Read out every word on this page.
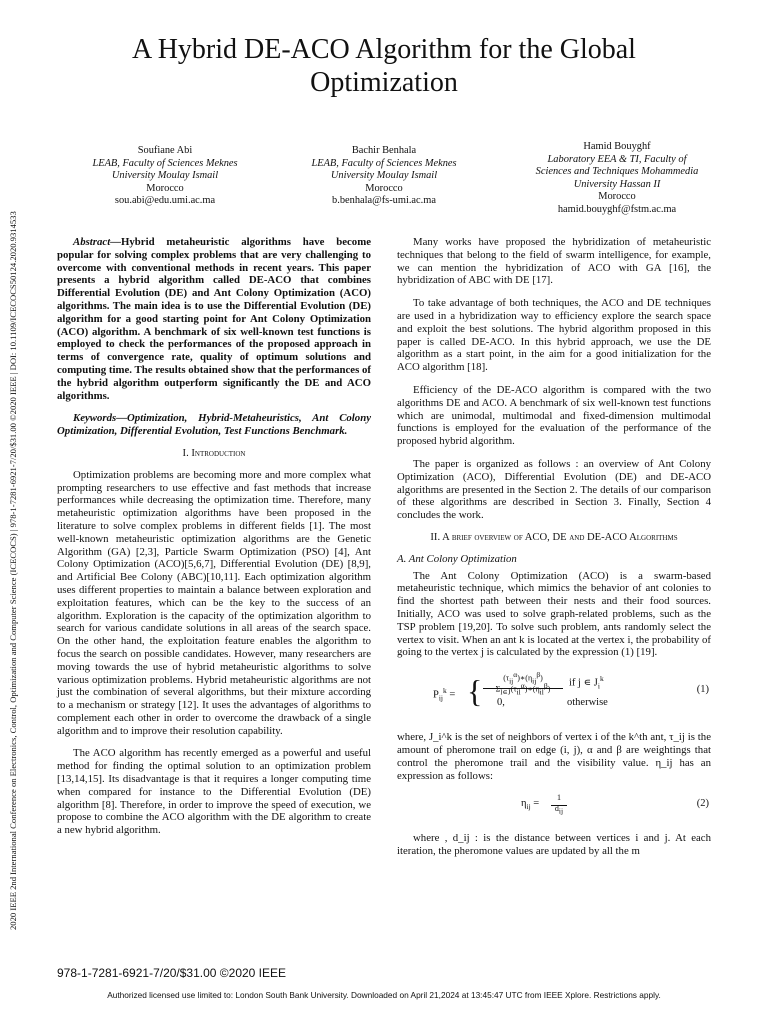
2020 IEEE 2nd International Conference on Electronics, Control, Optimization and Computer Science (ICECOCS) | 978-1-7281-6921-7/20/$31.00 ©2020 IEEE | DOI: 10.1109/ICECOCS50124.2020.9314533
A Hybrid DE-ACO Algorithm for the Global Optimization
Soufiane Abi
LEAB, Faculty of Sciences Meknes
University Moulay Ismail
Morocco
sou.abi@edu.umi.ac.ma
Bachir Benhala
LEAB, Faculty of Sciences Meknes
University Moulay Ismail
Morocco
b.benhala@fs-umi.ac.ma
Hamid Bouyghf
Laboratory EEA & TI, Faculty of
Sciences and Techniques Mohammedia
University Hassan II
Morocco
hamid.bouyghf@fstm.ac.ma

Abstract—Hybrid metaheuristic algorithms have become popular for solving complex problems that are very challenging to overcome with conventional methods in recent years. This paper presents a hybrid algorithm called DE-ACO that combines Differential Evolution (DE) and Ant Colony Optimization (ACO) algorithms. The main idea is to use the Differential Evolution (DE) algorithm for a good starting point for Ant Colony Optimization (ACO) algorithm. A benchmark of six well-known test functions is employed to check the performances of the proposed approach in terms of convergence rate, quality of optimum solutions and computing time. The results obtained show that the performances of the hybrid algorithm outperform significantly the DE and ACO algorithms.

Keywords—Optimization, Hybrid-Metaheuristics, Ant Colony Optimization, Differential Evolution, Test Functions Benchmark.

I. Introduction

Optimization problems are becoming more and more complex what prompting researchers to use effective and fast methods that increase performances while decreasing the optimization time. Therefore, many metaheuristic optimization algorithms have been proposed in the literature to solve complex problems in different fields [1]. The most well-known metaheuristic optimization algorithms are the Genetic Algorithm (GA) [2,3], Particle Swarm Optimization (PSO) [4], Ant Colony Optimization (ACO)[5,6,7], Differential Evolution (DE) [8,9], and Artificial Bee Colony (ABC)[10,11]. Each optimization algorithm uses different properties to maintain a balance between exploration and exploitation features, which can be the key to the success of an algorithm. Exploration is the capacity of the optimization algorithm to search for various candidate solutions in all areas of the search space. On the other hand, the exploitation feature enables the algorithm to focus the search on possible candidates. However, many researchers are moving towards the use of hybrid metaheuristic algorithms to solve various optimization problems. Hybrid metaheuristic algorithms are not just the combination of several algorithms, but their mixture according to a mechanism or strategy [12]. It uses the advantages of algorithms to complement each other in order to overcome the drawback of a single algorithm and to improve their resolution capability.

The ACO algorithm has recently emerged as a powerful and useful method for finding the optimal solution to an optimization problem [13,14,15]. Its disadvantage is that it requires a longer computing time when compared for instance to the Differential Evolution (DE) algorithm [8]. Therefore, in order to improve the speed of execution, we propose to combine the ACO algorithm with the DE algorithm to create a new hybrid algorithm.

Many works have proposed the hybridization of metaheuristic techniques that belong to the field of swarm intelligence, for example, we can mention the hybridization of ACO with GA [16], the hybridization of ABC with DE [17].

To take advantage of both techniques, the ACO and DE techniques are used in a hybridization way to efficiency explore the search space and exploit the best solutions. The hybrid algorithm proposed in this paper is called DE-ACO. In this hybrid approach, we use the DE algorithm as a start point, in the aim for a good initialization for the ACO algorithm [18].

Efficiency of the DE-ACO algorithm is compared with the two algorithms DE and ACO. A benchmark of six well-known test functions which are unimodal, multimodal and fixed-dimension multimodal functions is employed for the evaluation of the performance of the proposed hybrid algorithm.

The paper is organized as follows : an overview of Ant Colony Optimization (ACO), Differential Evolution (DE) and DE-ACO algorithms are presented in the Section 2. The details of our comparison of these algorithms are described in Section 3. Finally, Section 4 concludes the work.

II. A brief overview of ACO, DE and DE-ACO Algorithms
A. Ant Colony Optimization

The Ant Colony Optimization (ACO) is a swarm-based metaheuristic technique, which mimics the behavior of ant colonies to find the shortest path between their nests and their food sources. Initially, ACO was used to solve graph-related problems, such as the TSP problem [19,20]. To solve such problem, ants randomly select the vertex to visit. When an ant k is located at the vertex i, the probability of going to the vertex j is calculated by the expression (1) [19].

$P_{ij}^k$ = {	$(\tau_{ij}^\alpha)∗(\eta_{ij}^\beta)$
$\Sigma_{l∊J}(\tau_{il}^\alpha)∗(\eta_{il}^\beta)$
if j ∊ $J_i^k$
0,	otherwise
(1)

where, J_i^k is the set of neighbors of vertex i of the k^th ant, τ_ij is the amount of pheromone trail on edge (i, j), α and β are weightings that control the pheromone trail and the visibility value. η_ij has an expression as follows:

$\eta_{ij}$ =
1
$d_{ij}$
(2)

where , d_ij : is the distance between vertices i and j. At each iteration, the pheromone values are updated by all the m

978-1-7281-6921-7/20/$31.00 ©2020 IEEE
Authorized licensed use limited to: London South Bank University. Downloaded on April 21,2024 at 13:45:47 UTC from IEEE Xplore. Restrictions apply.
